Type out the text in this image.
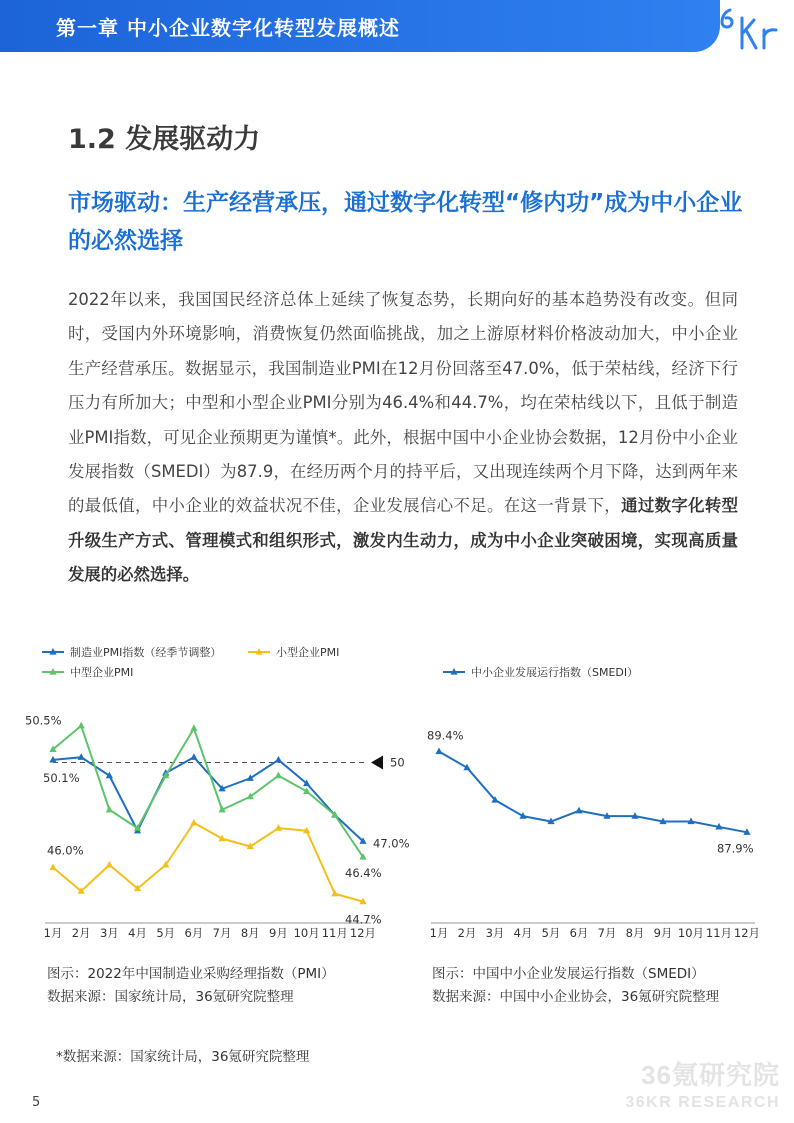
第一章 中小企业数字化转型发展概述
1.2 发展驱动力
市场驱动：生产经营承压，通过数字化转型“修内功”成为中小企业的必然选择
2022年以来，我国国民经济总体上延续了恢复态势，长期向好的基本趋势没有改变。但同时，受国内外环境影响，消费恢复仍然面临挑战，加之上游原材料价格波动加大，中小企业生产经营承压。数据显示，我国制造业PMI在12月份回落至47.0%，低于荣枯线，经济下行压力有所加大；中型和小型企业PMI分别为46.4%和44.7%，均在荣枯线以下，且低于制造业PMI指数，可见企业预期更为谨慎*。此外，根据中国中小企业协会数据，12月份中小企业发展指数（SMEDI）为87.9，在经历两个月的持平后，又出现连续两个月下降，达到两年来的最低值，中小企业的效益状况不佳，企业发展信心不足。在这一背景下，通过数字化转型升级生产方式、管理模式和组织形式，激发内生动力，成为中小企业突破困境，实现高质量发展的必然选择。
制造业PMI指数（经季节调整）	小型企业PMI
中型企业PMI
1月 2月 3月 4月 5月 6月 7月 8月 9月 10月 11月 12月
50
50.5%
50.1%
46.0%
47.0%
46.4%
44.7%
中小企业发展运行指数（SMEDI）
1月 2月 3月 4月 5月 6月 7月 8月 9月 10月 11月 12月
89.4%
87.9%
图示：2022年中国制造业采购经理指数（PMI）
数据来源：国家统计局，36氪研究院整理
图示：中国中小企业发展运行指数（SMEDI）
数据来源：中国中小企业协会，36氪研究院整理
*数据来源：国家统计局，36氪研究院整理
36氪研究院
36KR RESEARCH
5
